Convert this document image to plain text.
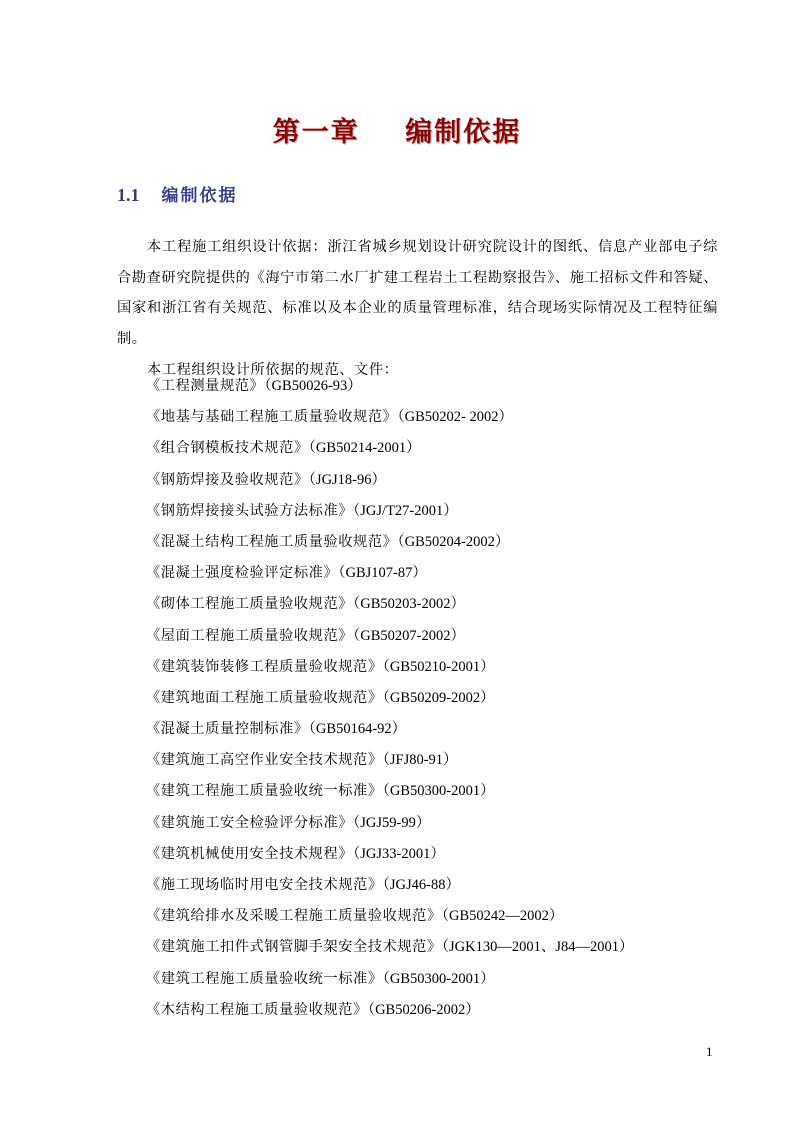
第一章    编制依据
1.1 编制依据

本工程施工组织设计依据：浙江省城乡规划设计研究院设计的图纸、信息产业部电子综合勘查研究院提供的《海宁市第二水厂扩建工程岩土工程勘察报告》、施工招标文件和答疑、国家和浙江省有关规范、标准以及本企业的质量管理标准，结合现场实际情况及工程特征编制。

本工程组织设计所依据的规范、文件：

《工程测量规范》（GB50026-93）
《地基与基础工程施工质量验收规范》（GB50202- 2002）
《组合钢模板技术规范》（GB50214-2001）
《钢筋焊接及验收规范》（JGJ18-96）
《钢筋焊接接头试验方法标准》（JGJ/T27-2001）
《混凝土结构工程施工质量验收规范》（GB50204-2002）
《混凝土强度检验评定标准》（GBJ107-87）
《砌体工程施工质量验收规范》（GB50203-2002）
《屋面工程施工质量验收规范》（GB50207-2002）
《建筑装饰装修工程质量验收规范》（GB50210-2001）
《建筑地面工程施工质量验收规范》（GB50209-2002）
《混凝土质量控制标准》（GB50164-92）
《建筑施工高空作业安全技术规范》（JFJ80-91）
《建筑工程施工质量验收统一标准》（GB50300-2001）
《建筑施工安全检验评分标准》（JGJ59-99）
《建筑机械使用安全技术规程》（JGJ33-2001）
《施工现场临时用电安全技术规范》（JGJ46-88）
《建筑给排水及采暖工程施工质量验收规范》（GB50242—2002）
《建筑施工扣件式钢管脚手架安全技术规范》（JGK130—2001、J84—2001）
《建筑工程施工质量验收统一标准》（GB50300-2001）
《木结构工程施工质量验收规范》（GB50206-2002）
1
